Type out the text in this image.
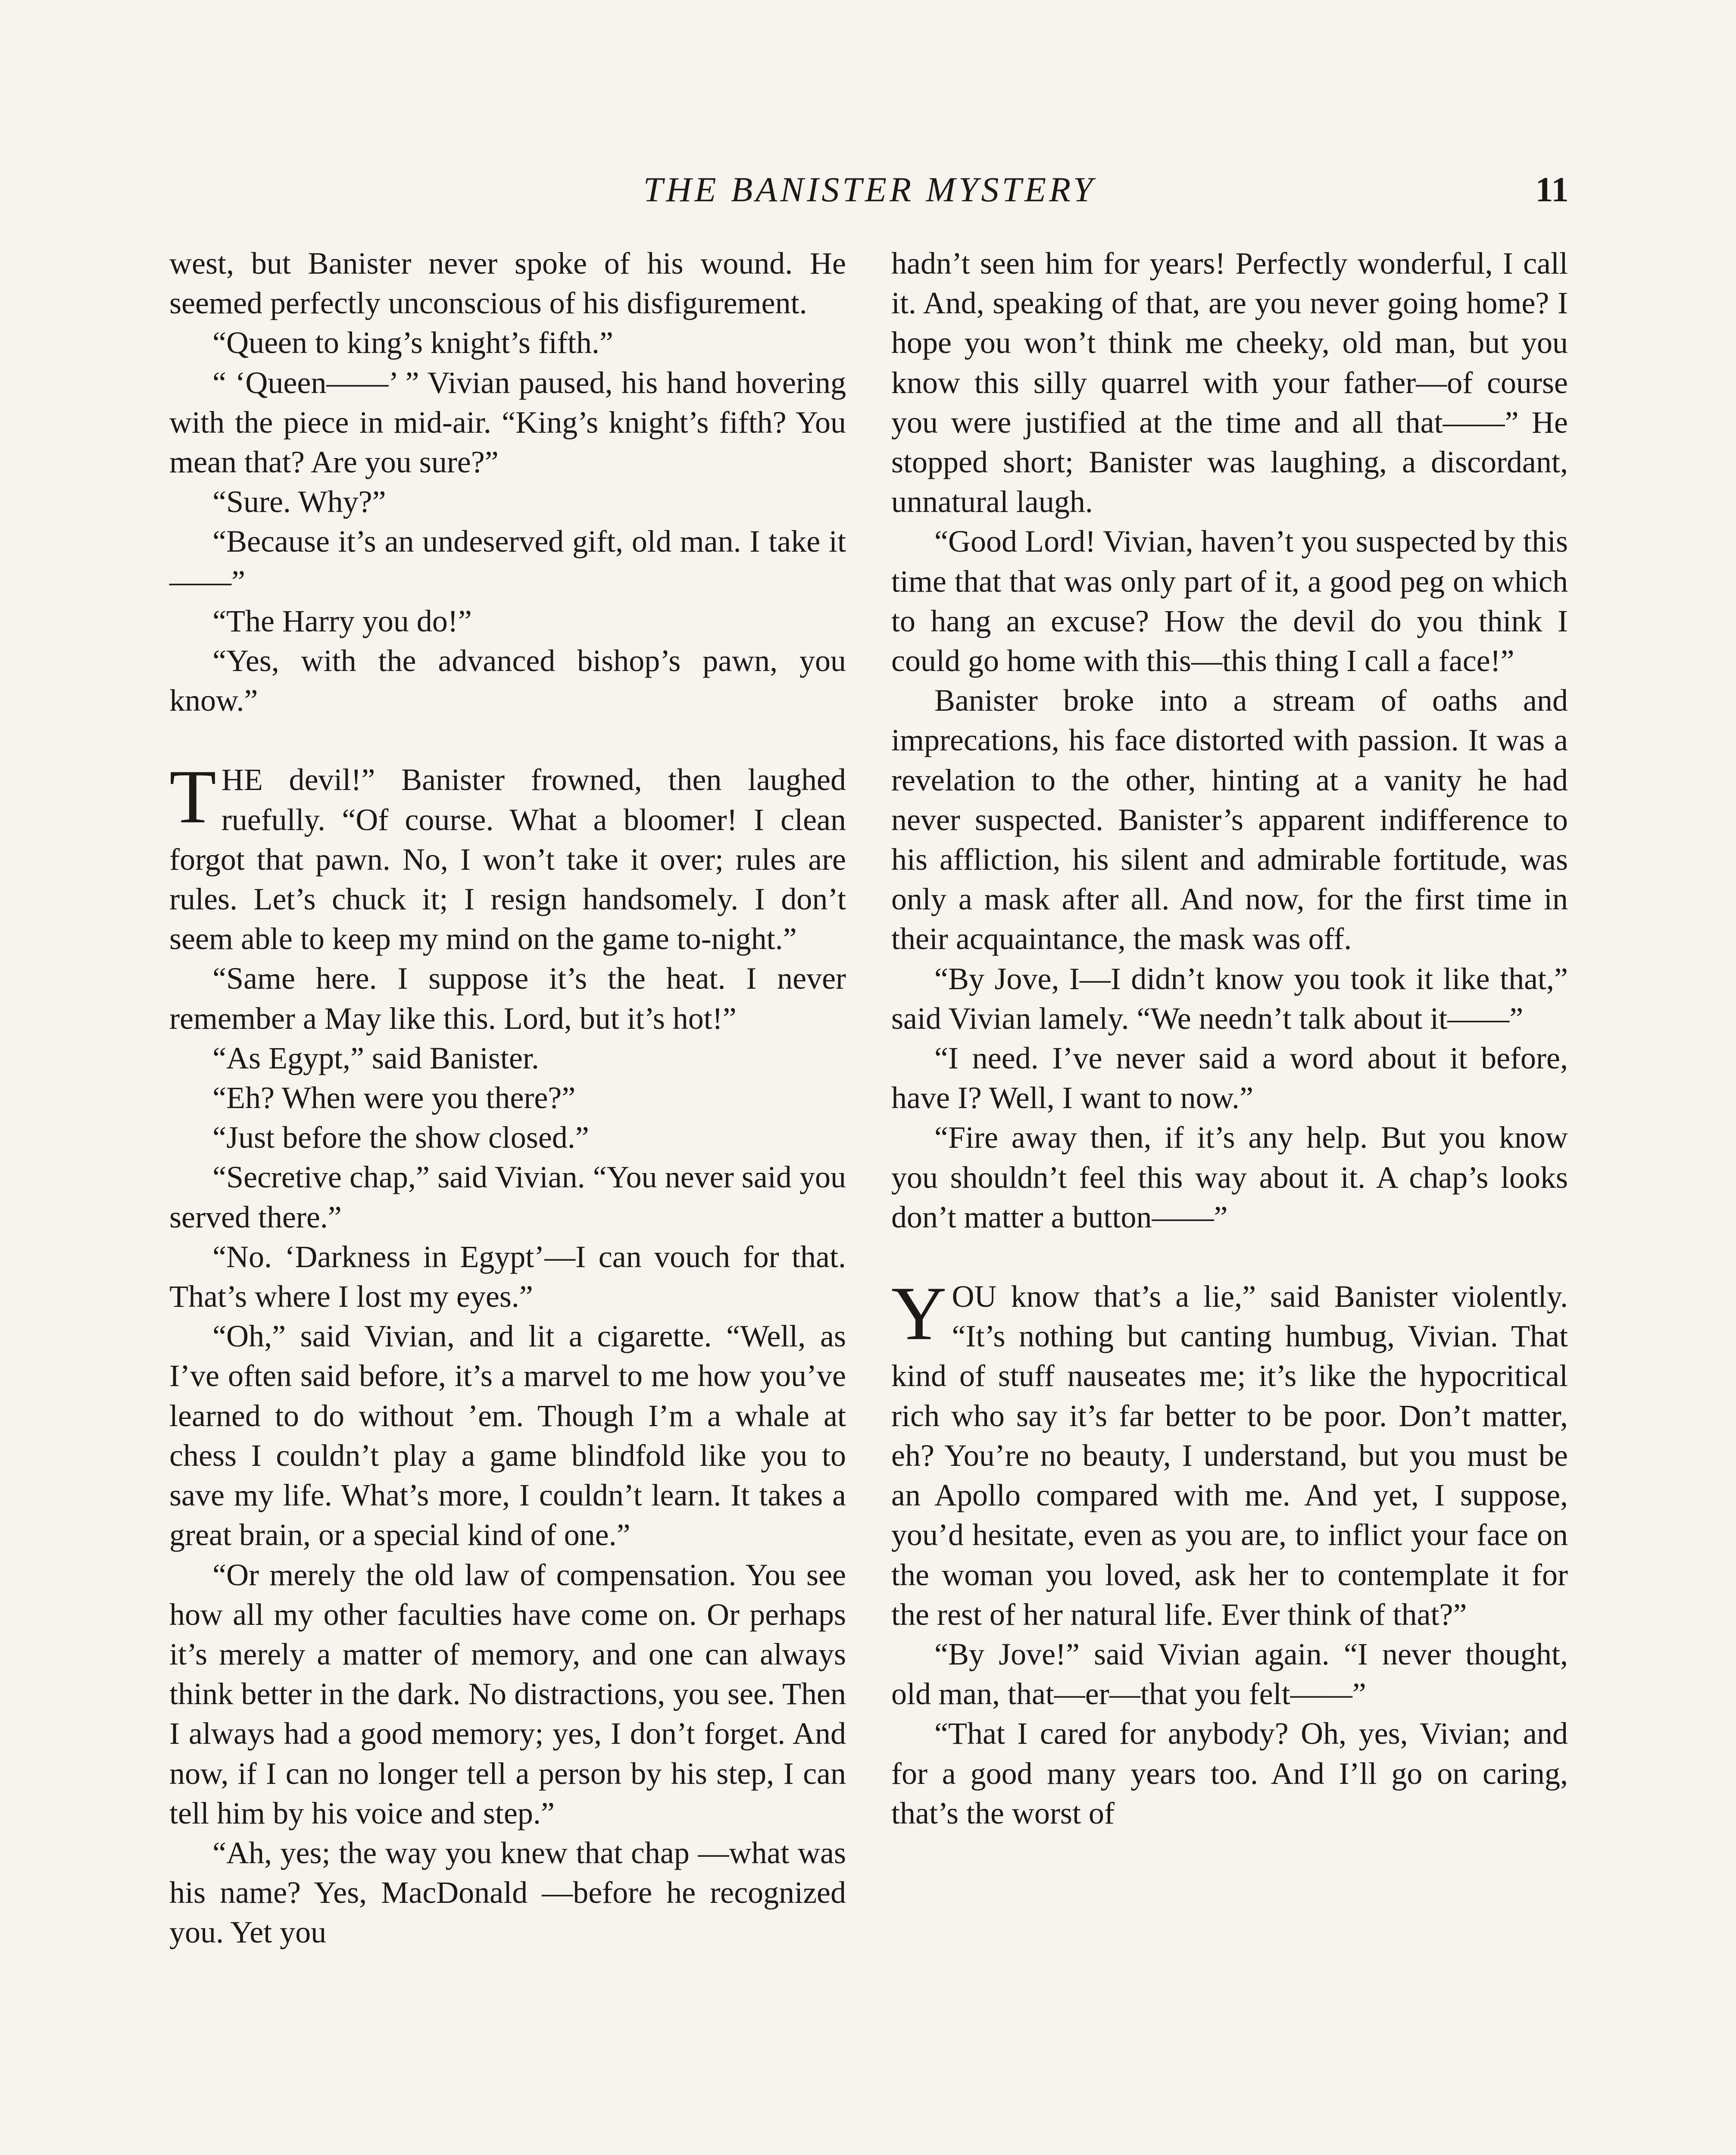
THE BANISTER MYSTERY	11

west, but Banister never spoke of his wound. He seemed perfectly unconscious of his disfigurement.

“Queen to king’s knight’s fifth.”

“ ‘Queen——’ ” Vivian paused, his hand hovering with the piece in mid-air. “King’s knight’s fifth? You mean that? Are you sure?”

“Sure. Why?”

“Because it’s an undeserved gift, old man. I take it——”

“The Harry you do!”

“Yes, with the advanced bishop’s pawn, you know.”

THE devil!” Banister frowned, then laughed ruefully. “Of course. What a bloomer! I clean forgot that pawn. No, I won’t take it over; rules are rules. Let’s chuck it; I resign handsomely. I don’t seem able to keep my mind on the game to-night.”

“Same here. I suppose it’s the heat. I never remember a May like this. Lord, but it’s hot!”

“As Egypt,” said Banister.

“Eh? When were you there?”

“Just before the show closed.”

“Secretive chap,” said Vivian. “You never said you served there.”

“No. ‘Darkness in Egypt’—I can vouch for that. That’s where I lost my eyes.”

“Oh,” said Vivian, and lit a cigarette. “Well, as I’ve often said before, it’s a marvel to me how you’ve learned to do without ’em. Though I’m a whale at chess I couldn’t play a game blindfold like you to save my life. What’s more, I couldn’t learn. It takes a great brain, or a special kind of one.”

“Or merely the old law of compensation. You see how all my other faculties have come on. Or perhaps it’s merely a matter of memory, and one can always think better in the dark. No distractions, you see. Then I always had a good memory; yes, I don’t forget. And now, if I can no longer tell a person by his step, I can tell him by his voice and step.”

“Ah, yes; the way you knew that chap —what was his name? Yes, MacDonald —before he recognized you. Yet you

hadn’t seen him for years! Perfectly wonderful, I call it. And, speaking of that, are you never going home? I hope you won’t think me cheeky, old man, but you know this silly quarrel with your father—of course you were justified at the time and all that——” He stopped short; Banister was laughing, a discordant, unnatural laugh.

“Good Lord! Vivian, haven’t you suspected by this time that that was only part of it, a good peg on which to hang an excuse? How the devil do you think I could go home with this—this thing I call a face!”

Banister broke into a stream of oaths and imprecations, his face distorted with passion. It was a revelation to the other, hinting at a vanity he had never suspected. Banister’s apparent indifference to his affliction, his silent and admirable fortitude, was only a mask after all. And now, for the first time in their acquaintance, the mask was off.

“By Jove, I—I didn’t know you took it like that,” said Vivian lamely. “We needn’t talk about it——”

“I need. I’ve never said a word about it before, have I? Well, I want to now.”

“Fire away then, if it’s any help. But you know you shouldn’t feel this way about it. A chap’s looks don’t matter a button——”

YOU know that’s a lie,” said Banister violently. “It’s nothing but canting humbug, Vivian. That kind of stuff nauseates me; it’s like the hypocritical rich who say it’s far better to be poor. Don’t matter, eh? You’re no beauty, I understand, but you must be an Apollo compared with me. And yet, I suppose, you’d hesitate, even as you are, to inflict your face on the woman you loved, ask her to contemplate it for the rest of her natural life. Ever think of that?”

“By Jove!” said Vivian again. “I never thought, old man, that—er—that you felt——”

“That I cared for anybody? Oh, yes, Vivian; and for a good many years too. And I’ll go on caring, that’s the worst of
